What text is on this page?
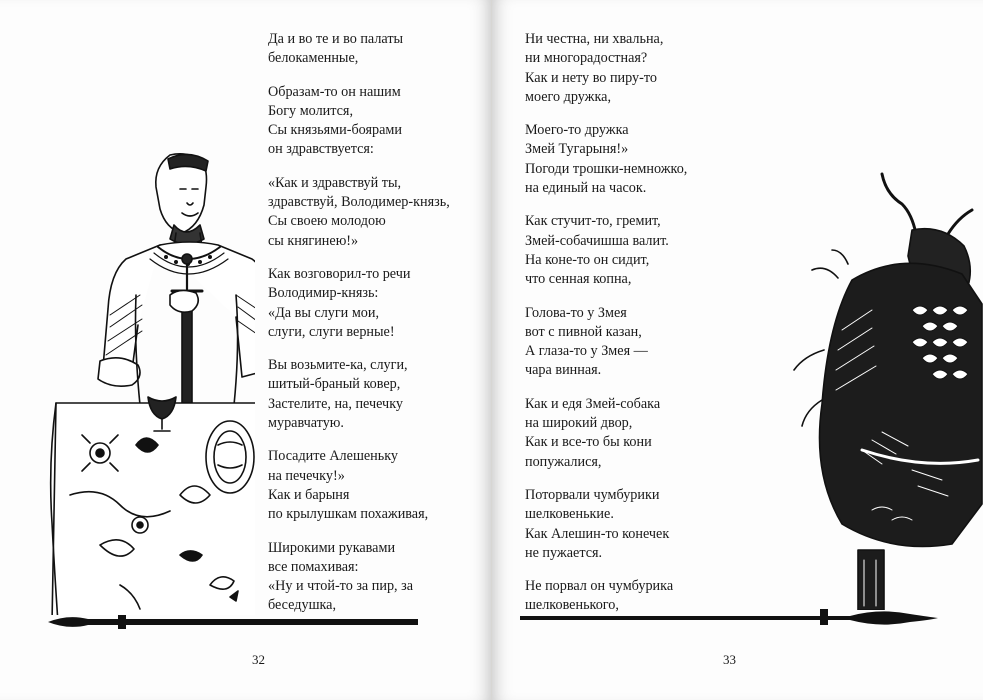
Да и во те и во палаты
белокаменные,
Образам-то он нашим
Богу молится,
Сы князьями-боярами
он здравствуется:
«Как и здравствуй ты,
здравствуй, Володимер-князь,
Сы своею молодою
сы княгинею!»
Как возговорил-то речи
Володимир-князь:
«Да вы слуги мои,
слуги, слуги верные!
Вы возьмите-ка, слуги,
шитый-браный ковер,
Застелите, на, печечку
муравчатую.
Посадите Алешеньку
на печечку!»
Как и барыня
по крылушкам похаживая,
Широкими рукавами
все помахивая:
«Ну и чтой-то за пир, за
беседушка,
32
Ни честна, ни хвальна,
ни многорадостная?
Как и нету во пиру-то
моего дружка,
Моего-то дружка
Змей Тугарыня!»
Погоди трошки-немножко,
на единый на часок.
Как стучит-то, гремит,
Змей-собачишша валит.
На коне-то он сидит,
что сенная копна,
Голова-то у Змея
вот с пивной казан,
А глаза-то у Змея —
чара винная.
Как и едя Змей-собака
на широкий двор,
Как и все-то бы кони
попужалися,
Поторвали чумбурики
шелковенькие.
Как Алешин-то конечек
не пужается.
Не порвал он чумбурика
шелковенького,
33
